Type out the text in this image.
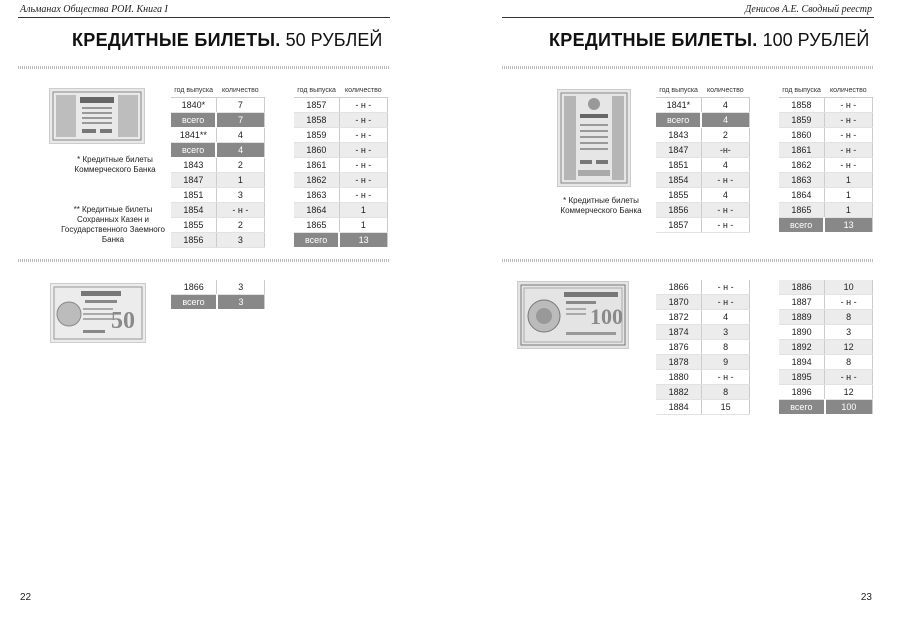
Альманах Общества РОИ. Книга I
КРЕДИТНЫЕ БИЛЕТЫ. 50 РУБЛЕЙ
* Кредитные билеты Коммерческого Банка
** Кредитные билеты Сохранных Казен и Государственного Заемного Банка
год выпуска	количество
1840*	7
всего	7
1841**	4
всего	4
1843	2
1847	1
1851	3
1854	- н -
1855	2
1856	3
год выпуска	количество
1857	- н -
1858	- н -
1859	- н -
1860	- н -
1861	- н -
1862	- н -
1863	- н -
1864	1
1865	1
всего	13
50
1866	3
всего	3
22
Денисов А.Е. Сводный реестр
КРЕДИТНЫЕ БИЛЕТЫ. 100 РУБЛЕЙ
* Кредитные билеты Коммерческого Банка
год выпуска	количество
1841*	4
всего	4
1843	2
1847	-н-
1851	4
1854	- н -
1855	4
1856	- н -
1857	- н -
год выпуска	количество
1858	- н -
1859	- н -
1860	- н -
1861	- н -
1862	- н -
1863	1
1864	1
1865	1
всего	13
100
1866	- н -
1870	- н -
1872	4
1874	3
1876	8
1878	9
1880	- н -
1882	8
1884	15
1886	10
1887	- н -
1889	8
1890	3
1892	12
1894	8
1895	- н -
1896	12
всего	100
23
